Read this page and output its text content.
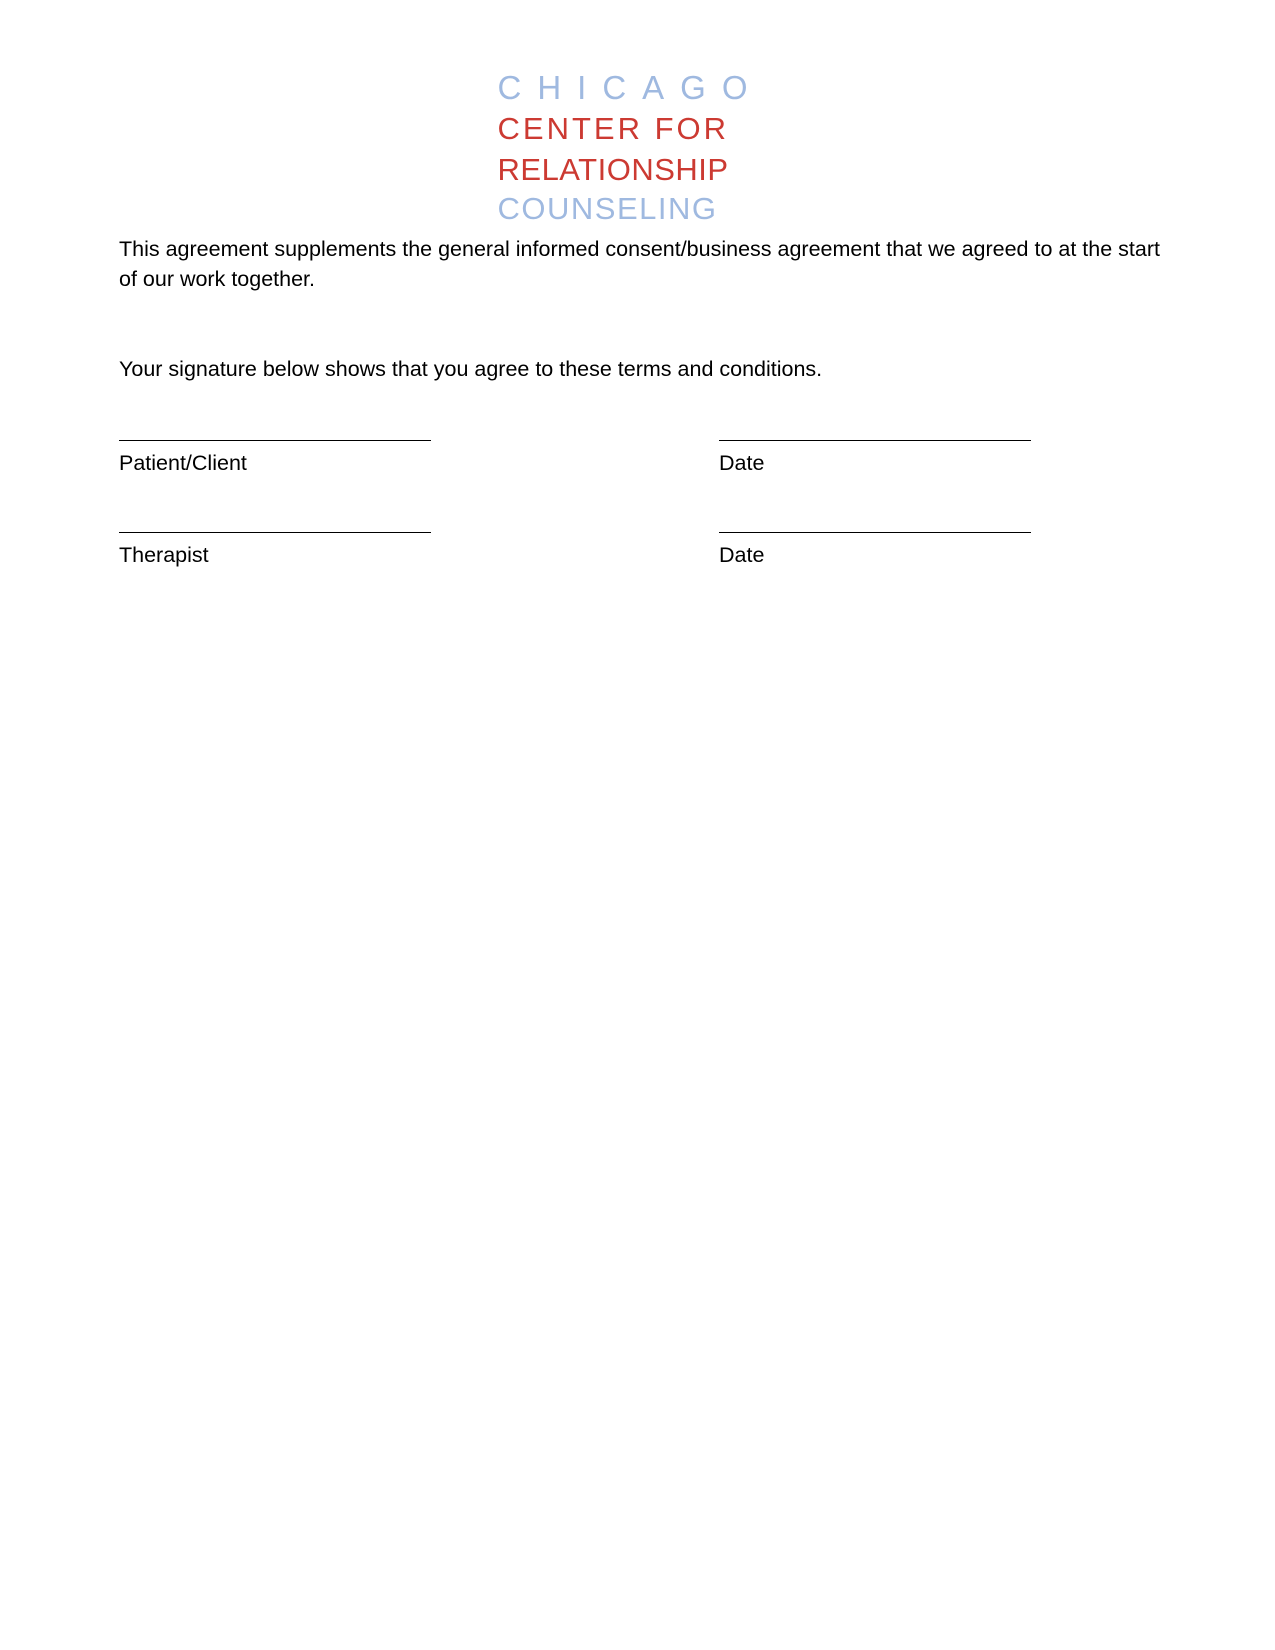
CHICAGO
CENTER FOR
RELATIONSHIP
COUNSELING

This agreement supplements the general informed consent/business agreement that we agreed to at the start of our work together.

Your signature below shows that you agree to these terms and conditions.

Patient/Client	Date
Therapist	Date
